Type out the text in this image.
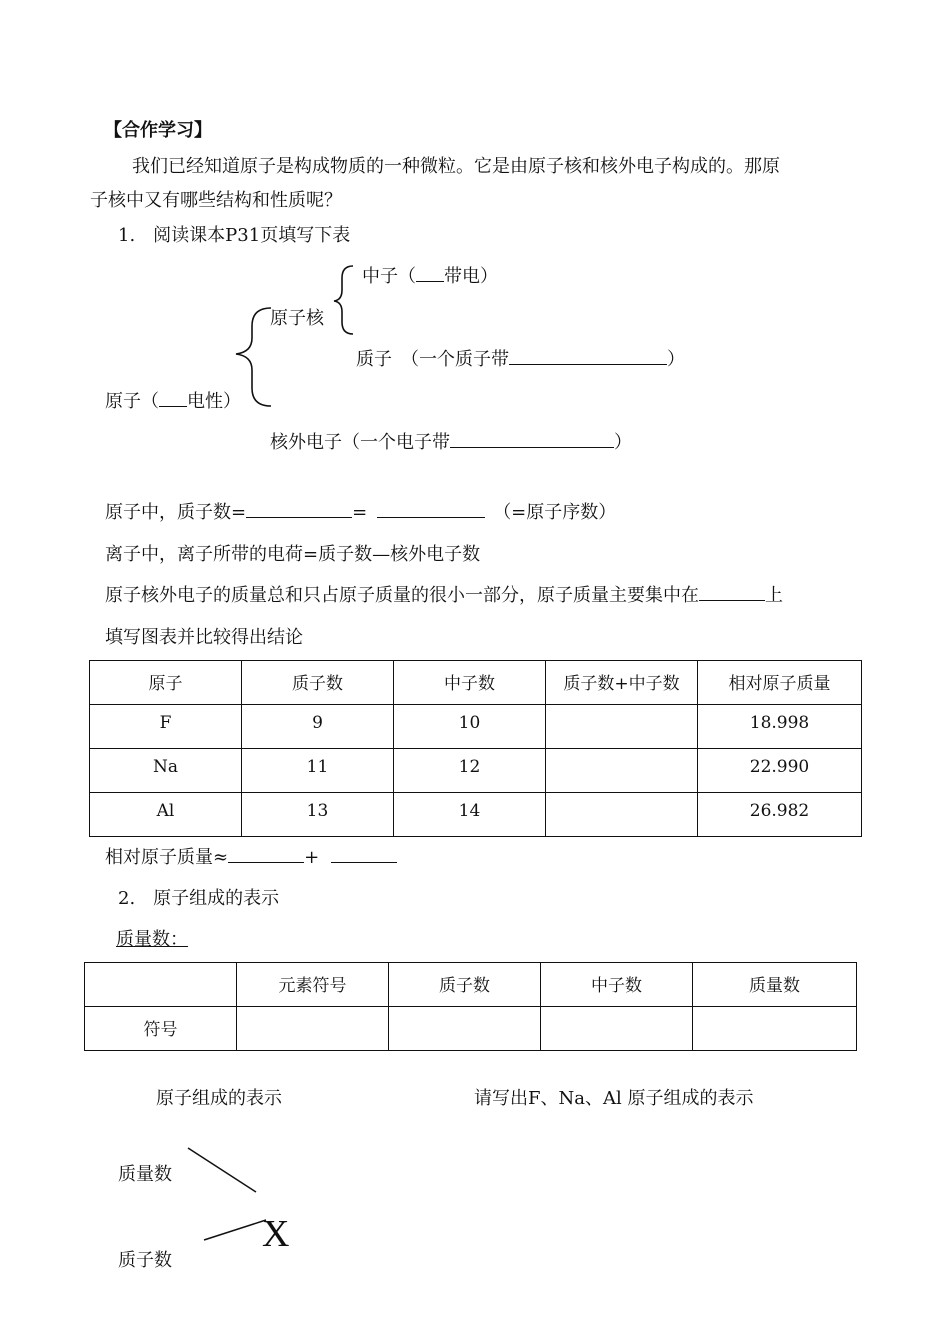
【合作学习】
我们已经知道原子是构成物质的一种微粒。它是由原子核和核外电子构成的。那原
子核中又有哪些结构和性质呢？
1.　阅读课本P31页填写下表
中子（ 带电）
原子核
质子　（一个质子带	）
原子（ 电性）
核外电子（一个电子带	）
原子中，质子数=	=	（=原子序数）
离子中，离子所带的电荷=质子数—核外电子数
原子核外电子的质量总和只占原子质量的很小一部分，原子质量主要集中在	上
填写图表并比较得出结论
原子	质子数	中子数	质子数+中子数	相对原子质量
F	9	10		18.998
Na	11	12		22.990
Al	13	14		26.982
相对原子质量≈	+
2.　原子组成的表示
质量数：
	元素符号	质子数	中子数	质量数
符号				
原子组成的表示	请写出F、Na、Al 原子组成的表示
质量数
质子数
X
